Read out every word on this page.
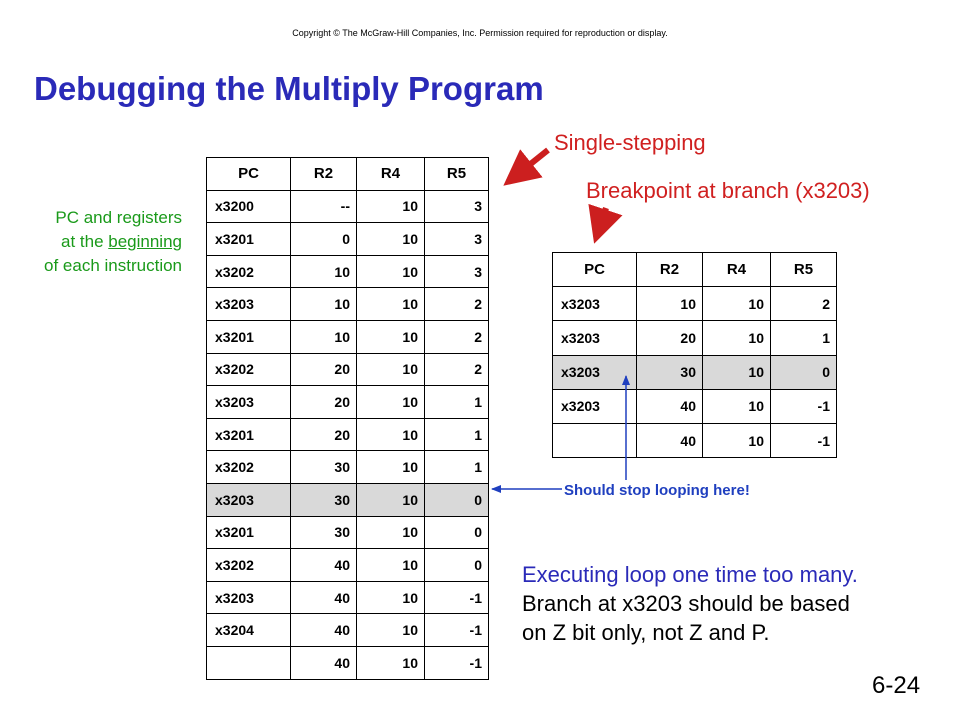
Copyright © The McGraw-Hill Companies, Inc. Permission required for reproduction or display.
Debugging the Multiply Program
PC and registers
at the beginning
of each instruction
Single-stepping
Breakpoint at branch (x3203)
PC	R2	R4	R5
x3200	--	10	3
x3201	0	10	3
x3202	10	10	3
x3203	10	10	2
x3201	10	10	2
x3202	20	10	2
x3203	20	10	1
x3201	20	10	1
x3202	30	10	1
x3203	30	10	0
x3201	30	10	0
x3202	40	10	0
x3203	40	10	-1
x3204	40	10	-1
	40	10	-1
PC	R2	R4	R5
x3203	10	10	2
x3203	20	10	1
x3203	30	10	0
x3203	40	10	-1
	40	10	-1
Should stop looping here!
Executing loop one time too many.
Branch at x3203 should be based
on Z bit only, not Z and P.
6-24
